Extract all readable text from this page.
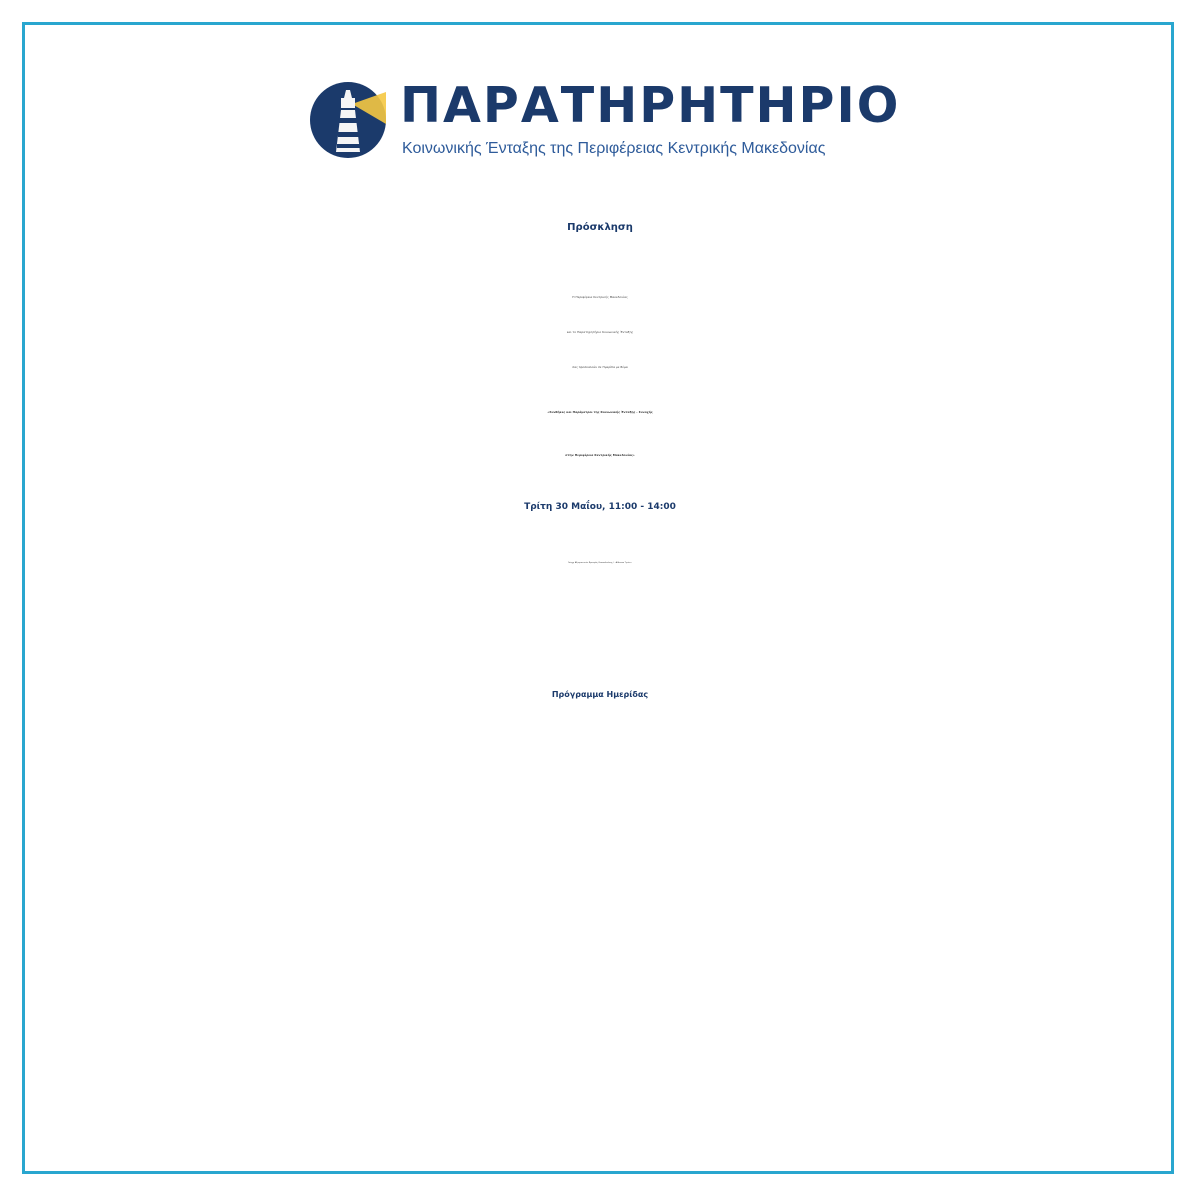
ΠΑΡΑΤΗΡΗΤΗΡΙΟ
Κοινωνικής Ένταξης της Περιφέρειας Κεντρικής Μακεδονίας
Πρόσκληση
Η Περιφέρεια Κεντρικής Μακεδονίας
και το Παρατηρητήριο Κοινωνικής Ένταξης
σας προσκαλούν σε Ημερίδα με θέμα
«Συνθήκες και Παράμετροι της Κοινωνικής Ένταξης - Συνοχής
στην Περιφέρεια Κεντρικής Μακεδονίας»
Τρίτη 30 Μαΐου, 11:00 - 14:00
Λέσχη Αξιωματικών Φρουράς Θεσσαλονίκης / «Αίθουσα Τιμών»
Πρόγραμμα Ημερίδας
